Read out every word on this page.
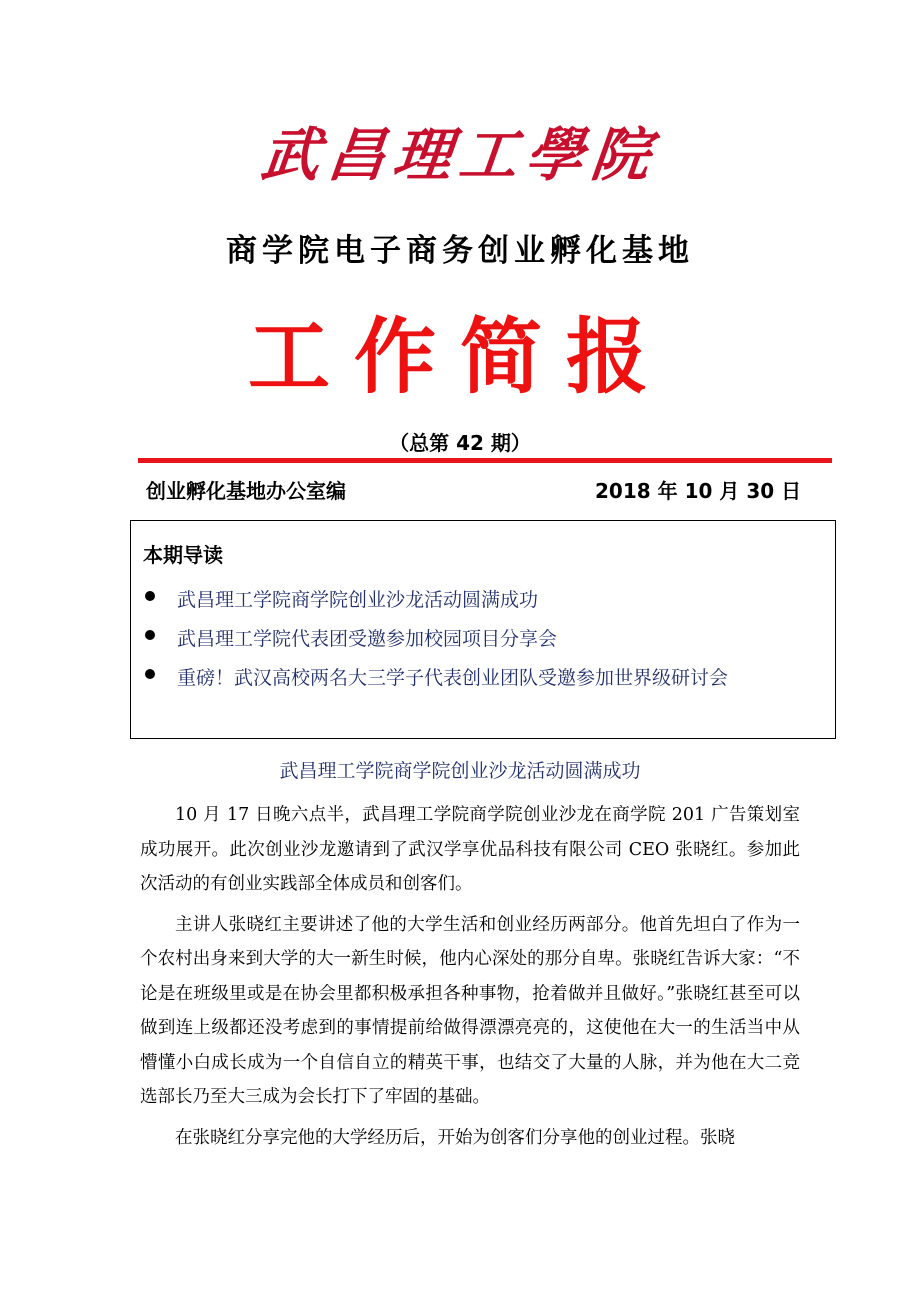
武昌理工學院
商学院电子商务创业孵化基地
工作简报
（总第 42 期）
创业孵化基地办公室编	2018 年 10 月 30 日
本期导读
武昌理工学院商学院创业沙龙活动圆满成功
武昌理工学院代表团受邀参加校园项目分享会
重磅！武汉高校两名大三学子代表创业团队受邀参加世界级研讨会
武昌理工学院商学院创业沙龙活动圆满成功

10 月 17 日晚六点半，武昌理工学院商学院创业沙龙在商学院 201 广告策划室成功展开。此次创业沙龙邀请到了武汉学享优品科技有限公司 CEO 张晓红。参加此次活动的有创业实践部全体成员和创客们。

主讲人张晓红主要讲述了他的大学生活和创业经历两部分。他首先坦白了作为一个农村出身来到大学的大一新生时候，他内心深处的那分自卑。张晓红告诉大家：“不论是在班级里或是在协会里都积极承担各种事物，抢着做并且做好。”张晓红甚至可以做到连上级都还没考虑到的事情提前给做得漂漂亮亮的，这使他在大一的生活当中从懵懂小白成长成为一个自信自立的精英干事，也结交了大量的人脉，并为他在大二竞选部长乃至大三成为会长打下了牢固的基础。

在张晓红分享完他的大学经历后，开始为创客们分享他的创业过程。张晓
